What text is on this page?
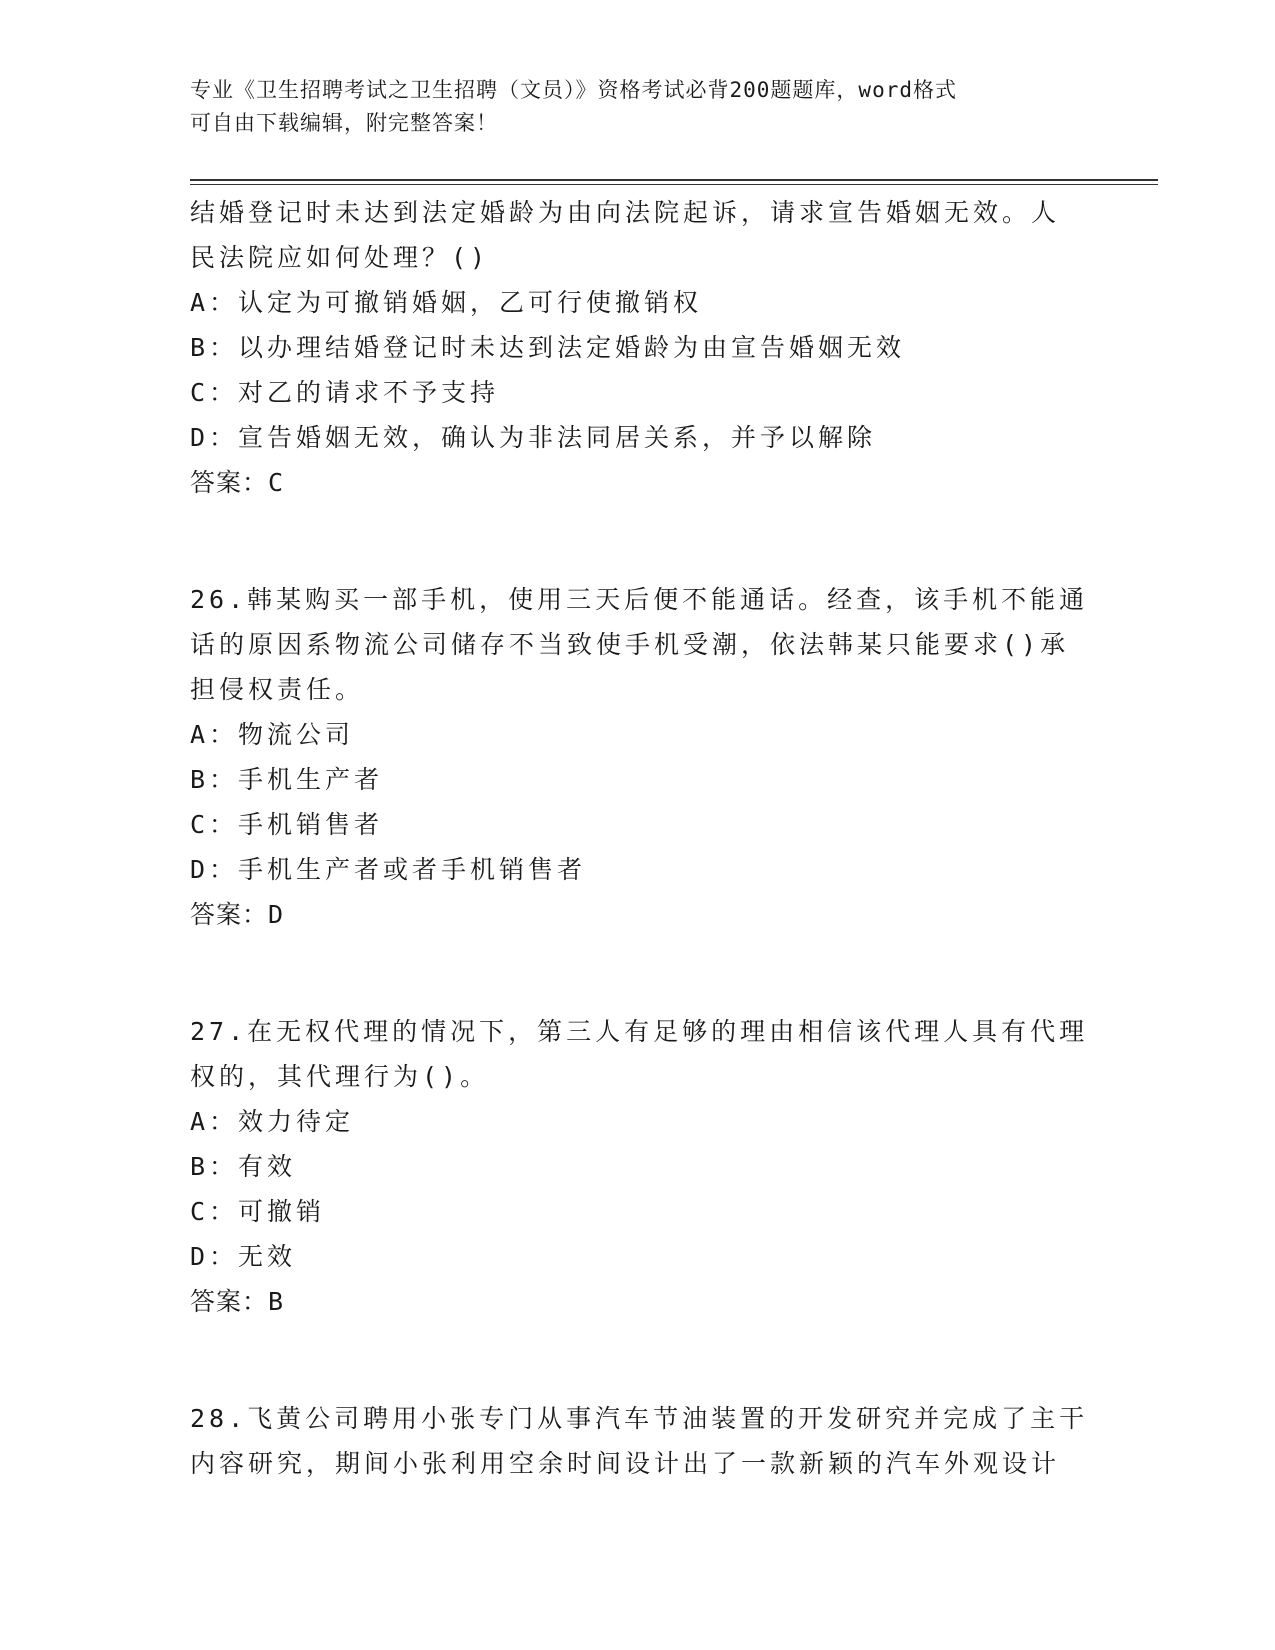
专业《卫生招聘考试之卫生招聘（文员）》资格考试必背200题题库，word格式
可自由下载编辑，附完整答案！
结婚登记时未达到法定婚龄为由向法院起诉，请求宣告婚姻无效。人
民法院应如何处理？()
A：认定为可撤销婚姻，乙可行使撤销权
B：以办理结婚登记时未达到法定婚龄为由宣告婚姻无效
C：对乙的请求不予支持
D：宣告婚姻无效，确认为非法同居关系，并予以解除
答案：C
26.韩某购买一部手机，使用三天后便不能通话。经查，该手机不能通
话的原因系物流公司储存不当致使手机受潮，依法韩某只能要求()承
担侵权责任。
A：物流公司
B：手机生产者
C：手机销售者
D：手机生产者或者手机销售者
答案：D
27.在无权代理的情况下，第三人有足够的理由相信该代理人具有代理
权的，其代理行为()。
A：效力待定
B：有效
C：可撤销
D：无效
答案：B
28.飞黄公司聘用小张专门从事汽车节油装置的开发研究并完成了主干
内容研究，期间小张利用空余时间设计出了一款新颖的汽车外观设计
